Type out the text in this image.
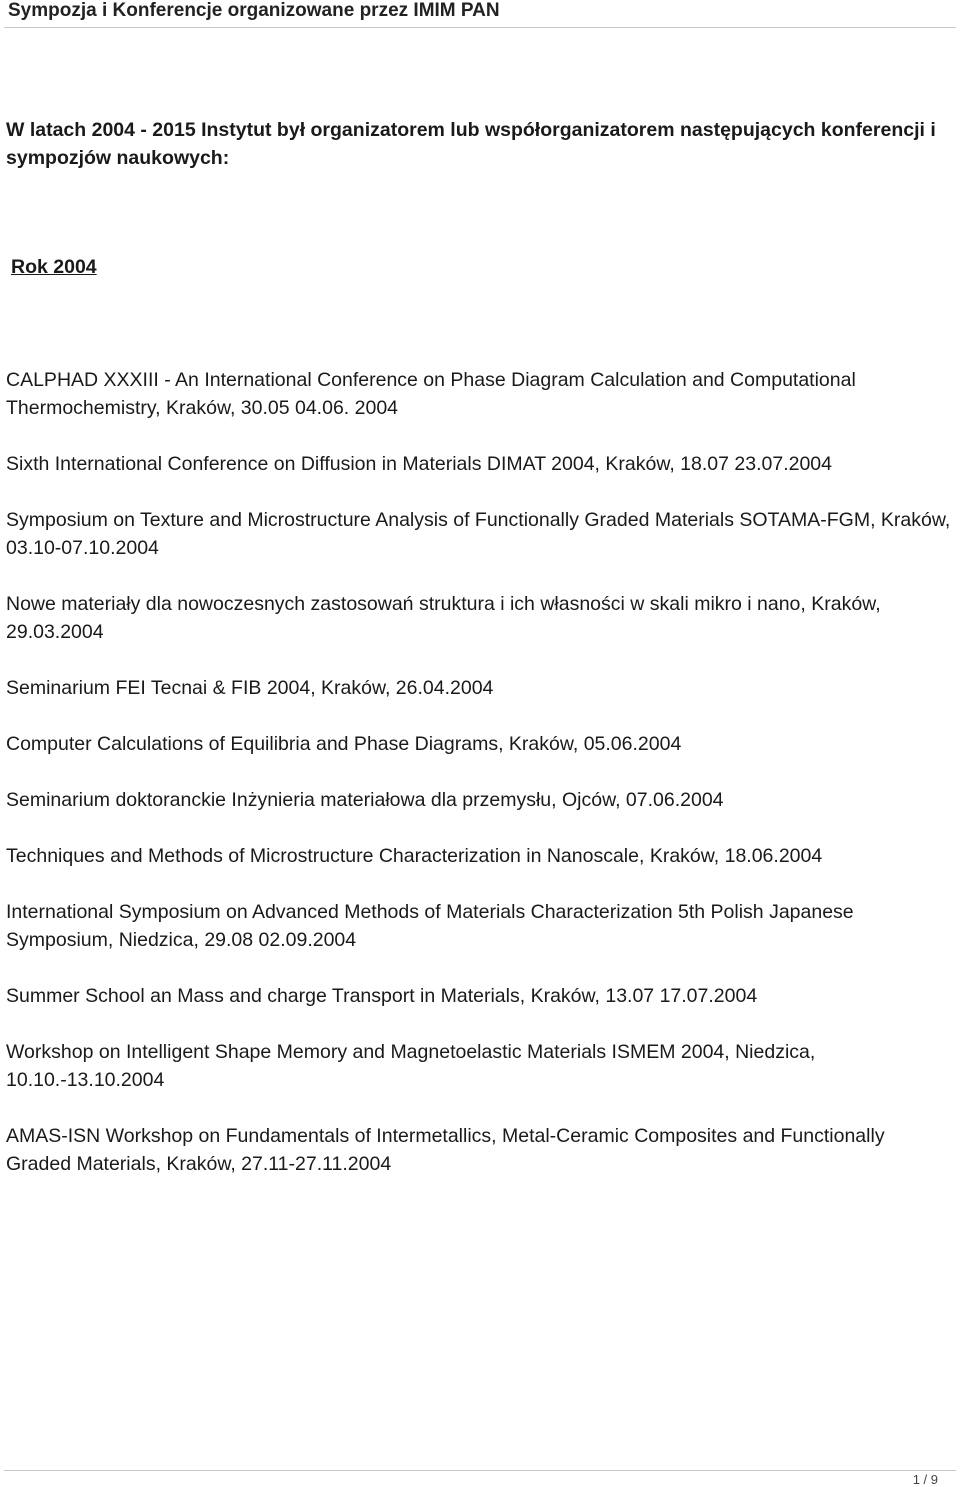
Sympozja i Konferencje organizowane przez IMIM PAN
W latach 2004 - 2015 Instytut był organizatorem lub współorganizatorem następujących konferencji i sympozjów naukowych:
Rok 2004
CALPHAD XXXIII - An International Conference on Phase Diagram Calculation and Computational Thermochemistry, Kraków, 30.05 04.06. 2004
Sixth International Conference on Diffusion in Materials DIMAT 2004, Kraków, 18.07 23.07.2004
Symposium on Texture and Microstructure Analysis of Functionally Graded Materials SOTAMA-FGM, Kraków, 03.10-07.10.2004
Nowe materiały dla nowoczesnych zastosowań struktura i ich własności w skali mikro i nano, Kraków, 29.03.2004
Seminarium FEI Tecnai & FIB 2004, Kraków, 26.04.2004
Computer Calculations of Equilibria and Phase Diagrams, Kraków, 05.06.2004
Seminarium doktoranckie Inżynieria materiałowa dla przemysłu, Ojców, 07.06.2004
Techniques and Methods of Microstructure Characterization in Nanoscale, Kraków, 18.06.2004
International Symposium on Advanced Methods of Materials Characterization 5th Polish Japanese Symposium, Niedzica, 29.08 02.09.2004
Summer School an Mass and charge Transport in Materials, Kraków, 13.07 17.07.2004
Workshop on Intelligent Shape Memory and Magnetoelastic Materials ISMEM 2004, Niedzica, 10.10.-13.10.2004
AMAS-ISN Workshop on Fundamentals of Intermetallics, Metal-Ceramic Composites and Functionally Graded Materials, Kraków, 27.11-27.11.2004
1 / 9
